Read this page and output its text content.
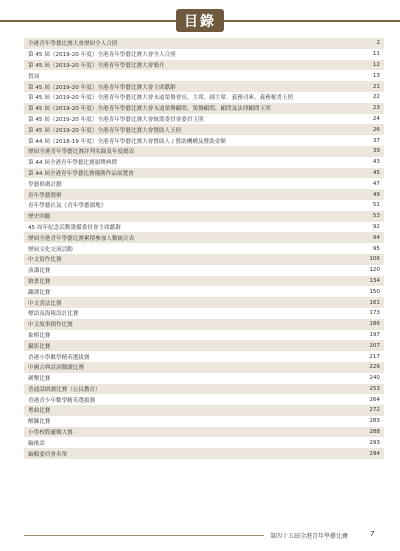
目錄
全港青年學藝比賽大會歷屆全人合照	2
第 45 屆（2019-20 年度）全港青年學藝比賽大會全人合照	11
第 45 屆（2019-20 年度）全港青年學藝比賽大會簡介	12
賀詞	13
第 45 屆（2019-20 年度）全港青年學藝比賽大會主席獻辭	21
第 45 屆（2019-20 年度）全港青年學藝比賽大會永遠榮譽會長、主席、副主席、義務司庫、義務秘書玉照	22
第 45 屆（2019-20 年度）全港青年學藝比賽大會永遠榮譽顧問、榮譽顧問、顧問及法律顧問玉照	23
第 45 屆（2019-20 年度）全港青年學藝比賽大會統籌委員會委員玉照	24
第 45 屆（2019-20 年度）全港青年學藝比賽大會贊助人玉照	26
第 44 屆（2018-19 年度）全港青年學藝比賽大會贊助人 / 贊助機構及贊助金額	37
歷屆全港青年學藝比賽評判名錄及年度總表	39
第 44 屆全港青年學藝比賽頒獎典禮	43
第 44 屆全港青年學藝比賽優勝作品展覽會	45
學藝推廣計劃	47
青年學藝徵聚	49
青年學藝社及《青年學藝園地》	51
歷史回顧	53
45 周年紀念活動籌備委員會主席獻辭	92
歷屆全港青年學藝比賽累積參加人數統計表	94
歷屆文化交流活動	95
中文寫作比賽	106
演講比賽	120
繪畫比賽	134
翻譯比賽	150
中文書法比賽	161
標語及海報設計比賽	173
中文故事創作比賽	186
象棋比賽	197
攝影比賽	207
香港小學數學精英選拔賽	217
中國古典詩詞閱讀比賽	226
劍擊比賽	240
普通話朗讀比賽（公民教育）	253
香港青少年數學精英選拔賽	264
粵曲比賽	272
醒獅比賽	283
小學校際邏輯大賽	288
編後語	293
編輯委員會名單	294
第四十五屆全港青年學藝比賽	7
